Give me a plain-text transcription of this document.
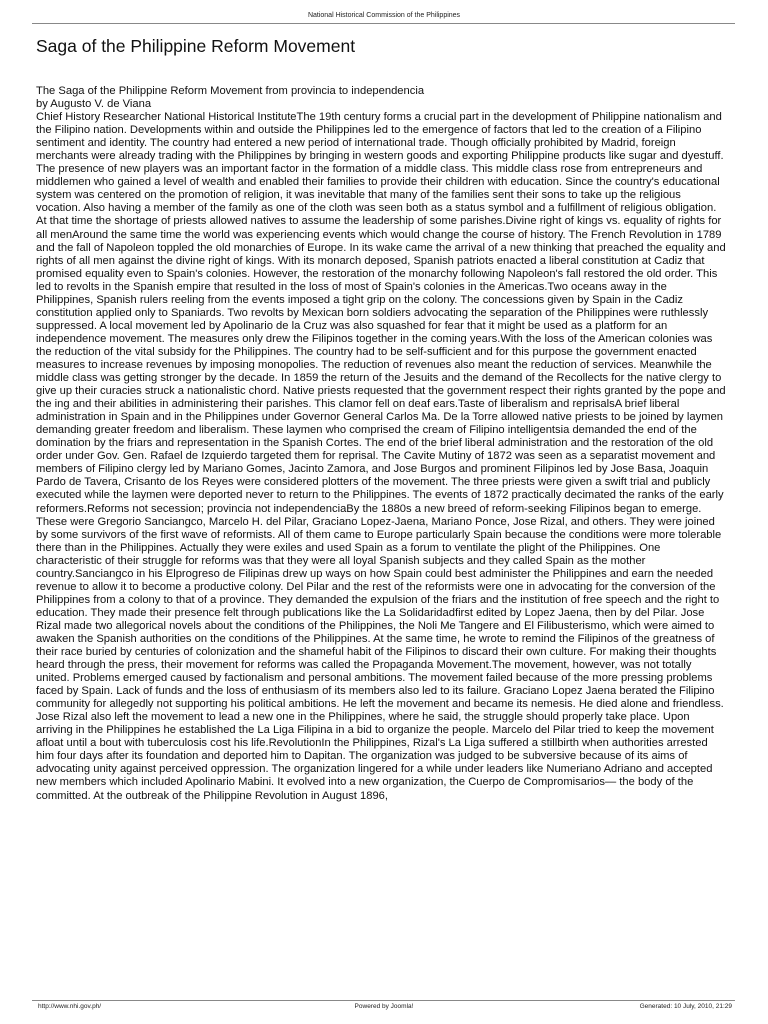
National Historical Commission of the Philippines
Saga of the Philippine Reform Movement

The Saga of the Philippine Reform Movement from provincia to independencia

by Augusto V. de Viana

Chief History Researcher National Historical InstituteThe 19th century forms a crucial part in the development of Philippine nationalism and the Filipino nation. Developments within and outside the Philippines led to the emergence of factors that led to the creation of a Filipino sentiment and identity. The country had entered a new period of international trade. Though officially prohibited by Madrid, foreign merchants were already trading with the Philippines by bringing in western goods and exporting Philippine products like sugar and dyestuff.

The presence of new players was an important factor in the formation of a middle class. This middle class rose from entrepreneurs and middlemen who gained a level of wealth and enabled their families to provide their children with education. Since the country's educational system was centered on the promotion of religion, it was inevitable that many of the families sent their sons to take up the religious vocation. Also having a member of the family as one of the cloth was seen both as a status symbol and a fulfillment of religious obligation. At that time the shortage of priests allowed natives to assume the leadership of some parishes.Divine right of kings vs. equality of rights for all menAround the same time the world was experiencing events which would change the course of history. The French Revolution in 1789 and the fall of Napoleon toppled the old monarchies of Europe. In its wake came the arrival of a new thinking that preached the equality and rights of all men against the divine right of kings. With its monarch deposed, Spanish patriots enacted a liberal constitution at Cadiz that promised equality even to Spain's colonies. However, the restoration of the monarchy following Napoleon's fall restored the old order. This led to revolts in the Spanish empire that resulted in the loss of most of Spain's colonies in the Americas.Two oceans away in the Philippines, Spanish rulers reeling from the events imposed a tight grip on the colony. The concessions given by Spain in the Cadiz constitution applied only to Spaniards. Two revolts by Mexican born soldiers advocating the separation of the Philippines were ruthlessly suppressed. A local movement led by Apolinario de la Cruz was also squashed for fear that it might be used as a platform for an independence movement. The measures only drew the Filipinos together in the coming years.With the loss of the American colonies was the reduction of the vital subsidy for the Philippines. The country had to be self-sufficient and for this purpose the government enacted measures to increase revenues by imposing monopolies. The reduction of revenues also meant the reduction of services. Meanwhile the middle class was getting stronger by the decade. In 1859 the return of the Jesuits and the demand of the Recollects for the native clergy to give up their curacies struck a nationalistic chord. Native priests requested that the government respect their rights granted by the pope and the ing and their abilities in administering their parishes. This clamor fell on deaf ears.Taste of liberalism and reprisalsA brief liberal administration in Spain and in the Philippines under Governor General Carlos Ma. De la Torre allowed native priests to be joined by laymen demanding greater freedom and liberalism. These laymen who comprised the cream of Filipino intelligentsia demanded the end of the domination by the friars and representation in the Spanish Cortes. The end of the brief liberal administration and the restoration of the old order under Gov. Gen. Rafael de Izquierdo targeted them for reprisal. The Cavite Mutiny of 1872 was seen as a separatist movement and members of Filipino clergy led by Mariano Gomes, Jacinto Zamora, and Jose Burgos and prominent Filipinos led by Jose Basa, Joaquin Pardo de Tavera, Crisanto de los Reyes were considered plotters of the movement. The three priests were given a swift trial and publicly executed while the laymen were deported never to return to the Philippines. The events of 1872 practically decimated the ranks of the early reformers.Reforms not secession; provincia not independenciaBy the 1880s a new breed of reform-seeking Filipinos began to emerge. These were Gregorio Sanciangco, Marcelo H. del Pilar, Graciano Lopez-Jaena, Mariano Ponce, Jose Rizal, and others. They were joined by some survivors of the first wave of reformists. All of them came to Europe particularly Spain because the conditions were more tolerable there than in the Philippines. Actually they were exiles and used Spain as a forum to ventilate the plight of the Philippines. One characteristic of their struggle for reforms was that they were all loyal Spanish subjects and they called Spain as the mother country.Sanciangco in his Elprogreso de Filipinas drew up ways on how Spain could best administer the Philippines and earn the needed revenue to allow it to become a productive colony. Del Pilar and the rest of the reformists were one in advocating for the conversion of the Philippines from a colony to that of a province. They demanded the expulsion of the friars and the institution of free speech and the right to education. They made their presence felt through publications like the La Solidaridadfirst edited by Lopez Jaena, then by del Pilar. Jose Rizal made two allegorical novels about the conditions of the Philippines, the Noli Me Tangere and El Filibusterismo, which were aimed to awaken the Spanish authorities on the conditions of the Philippines. At the same time, he wrote to remind the Filipinos of the greatness of their race buried by centuries of colonization and the shameful habit of the Filipinos to discard their own culture. For making their thoughts heard through the press, their movement for reforms was called the Propaganda Movement.The movement, however, was not totally united. Problems emerged caused by factionalism and personal ambitions. The movement failed because of the more pressing problems faced by Spain. Lack of funds and the loss of enthusiasm of its members also led to its failure. Graciano Lopez Jaena berated the Filipino community for allegedly not supporting his political ambitions. He left the movement and became its nemesis. He died alone and friendless. Jose Rizal also left the movement to lead a new one in the Philippines, where he said, the struggle should properly take place. Upon arriving in the Philippines he established the La Liga Filipina in a bid to organize the people. Marcelo del Pilar tried to keep the movement afloat until a bout with tuberculosis cost his life.RevolutionIn the Philippines, Rizal's La Liga suffered a stillbirth when authorities arrested him four days after its foundation and deported him to Dapitan. The organization was judged to be subversive because of its aims of advocating unity against perceived oppression. The organization lingered for a while under leaders like Numeriano Adriano and accepted new members which included Apolinario Mabini. It evolved into a new organization, the Cuerpo de Compromisarios— the body of the committed. At the outbreak of the Philippine Revolution in August 1896,

http://www.nhi.gov.ph/	Powered by Joomla!	Generated: 10 July, 2010, 21:29
